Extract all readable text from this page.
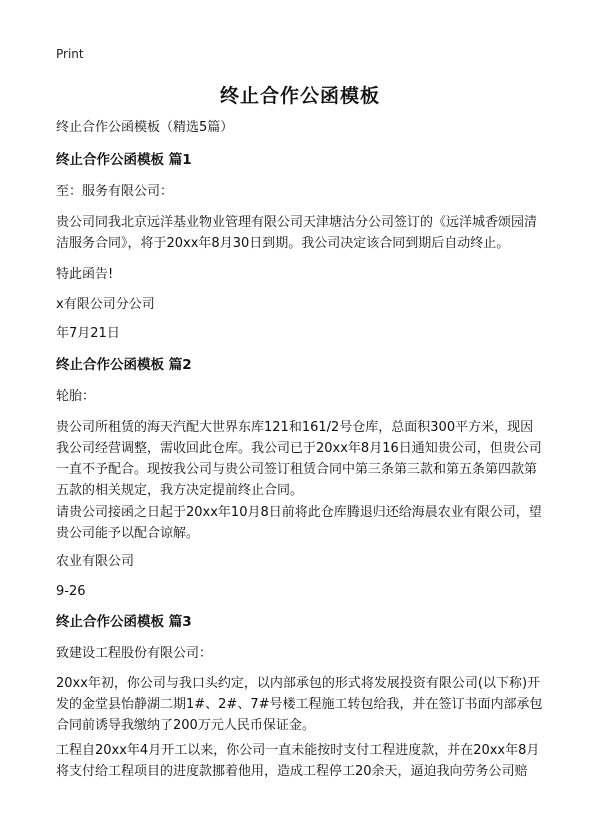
Print
终止合作公函模板
终止合作公函模板（精选5篇）
终止合作公函模板 篇1
至：服务有限公司：
贵公司同我北京远洋基业物业管理有限公司天津塘沽分公司签订的《远洋城香颂园清洁服务合同》，将于20xx年8月30日到期。我公司决定该合同到期后自动终止。
特此函告!
x有限公司分公司
年7月21日
终止合作公函模板 篇2
轮胎：
贵公司所租赁的海天汽配大世界东库121和161/2号仓库，总面积300平方米，现因我公司经营调整，需收回此仓库。我公司已于20xx年8月16日通知贵公司，但贵公司一直不予配合。现按我公司与贵公司签订租赁合同中第三条第三款和第五条第四款第五款的相关规定，我方决定提前终止合同。
请贵公司接函之日起于20xx年10月8日前将此仓库腾退归还给海晨农业有限公司，望贵公司能予以配合谅解。
农业有限公司
9-26
终止合作公函模板 篇3
致建设工程股份有限公司：
20xx年初，你公司与我口头约定，以内部承包的形式将发展投资有限公司(以下称)开发的金堂县怡静湖二期1#、2#、7#号楼工程施工转包给我，并在签订书面内部承包合同前诱导我缴纳了200万元人民币保证金。
工程自20xx年4月开工以来，你公司一直未能按时支付工程进度款，并在20xx年8月将支付给工程项目的进度款挪着他用，造成工程停工20余天，逼迫我向劳务公司赔
